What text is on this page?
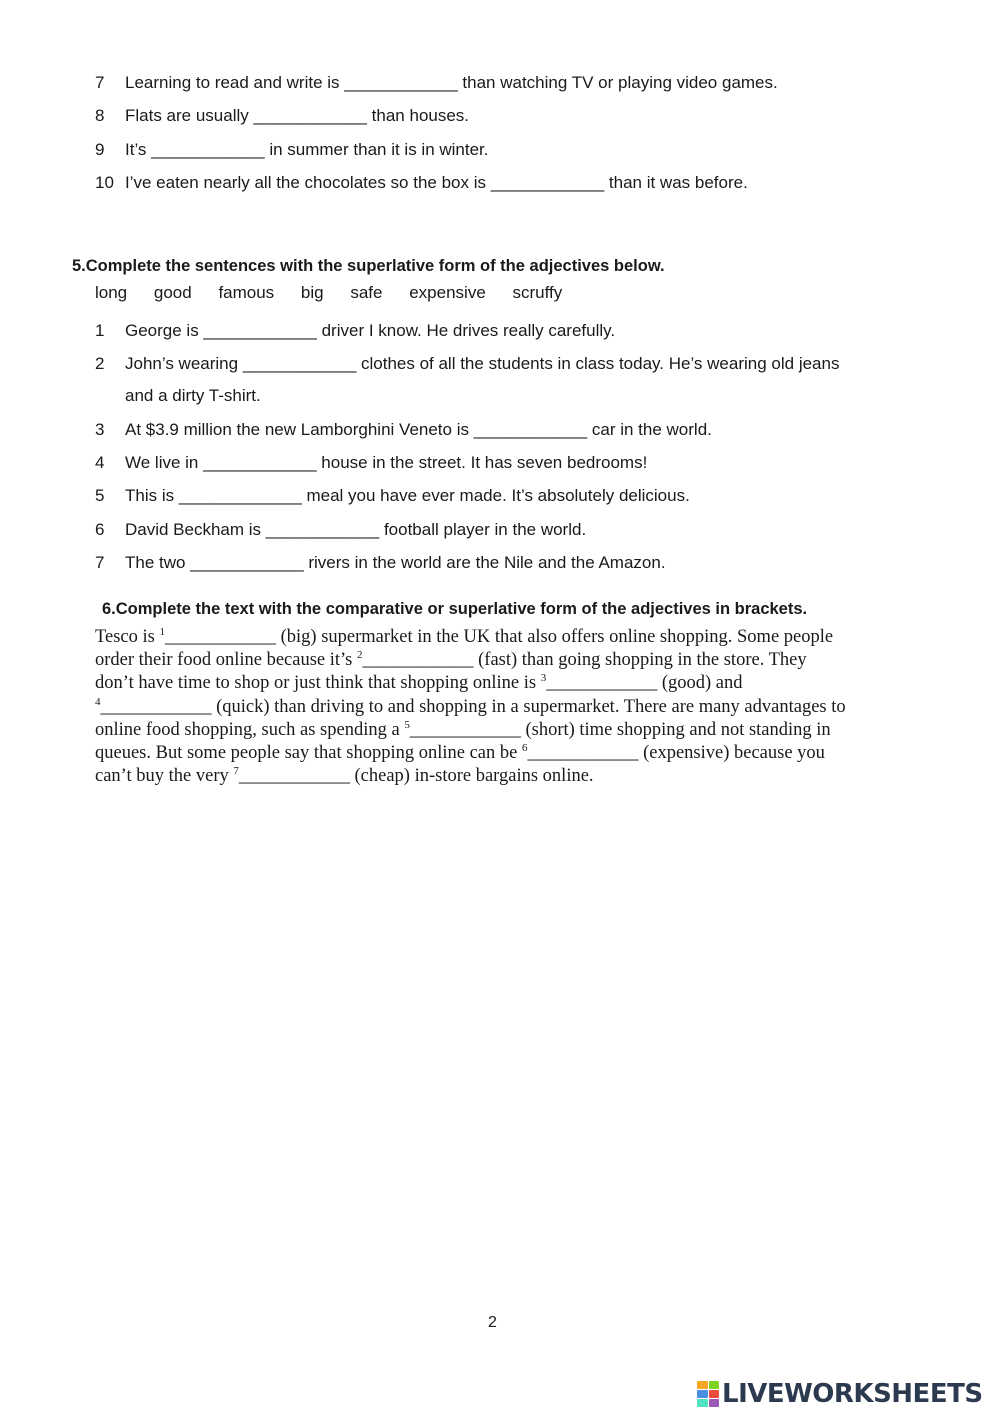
7	Learning to read and write is ____________ than watching TV or playing video games.
8	Flats are usually ____________ than houses.
9	It’s ____________ in summer than it is in winter.
10 I’ve eaten nearly all the chocolates so the box is ____________ than it was before.
5.Complete the sentences with the superlative form of the adjectives below.
long good famous big safe expensive scruffy
1	George is ____________ driver I know. He drives really carefully.
2	John’s wearing ____________ clothes of all the students in class today. He’s wearing old jeans
and a dirty T-shirt.
3	At $3.9 million the new Lamborghini Veneto is ____________ car in the world.
4	We live in ____________ house in the street. It has seven bedrooms!
5	This is _____________ meal you have ever made. It’s absolutely delicious.
6	David Beckham is ____________ football player in the world.
7	The two ____________ rivers in the world are the Nile and the Amazon.
6.Complete the text with the comparative or superlative form of the adjectives in brackets.
Tesco is $^1$____________ (big) supermarket in the UK that also offers online shopping. Some people
order their food online because it’s $^2$____________ (fast) than going shopping in the store. They
don’t have time to shop or just think that shopping online is $^3$____________ (good) and
$^4$____________ (quick) than driving to and shopping in a supermarket. There are many advantages to
online food shopping, such as spending a $^5$____________ (short) time shopping and not standing in
queues. But some people say that shopping online can be $^6$____________ (expensive) because you
can’t buy the very $^7$____________ (cheap) in-store bargains online.
2
LIVEWORKSHEETS
